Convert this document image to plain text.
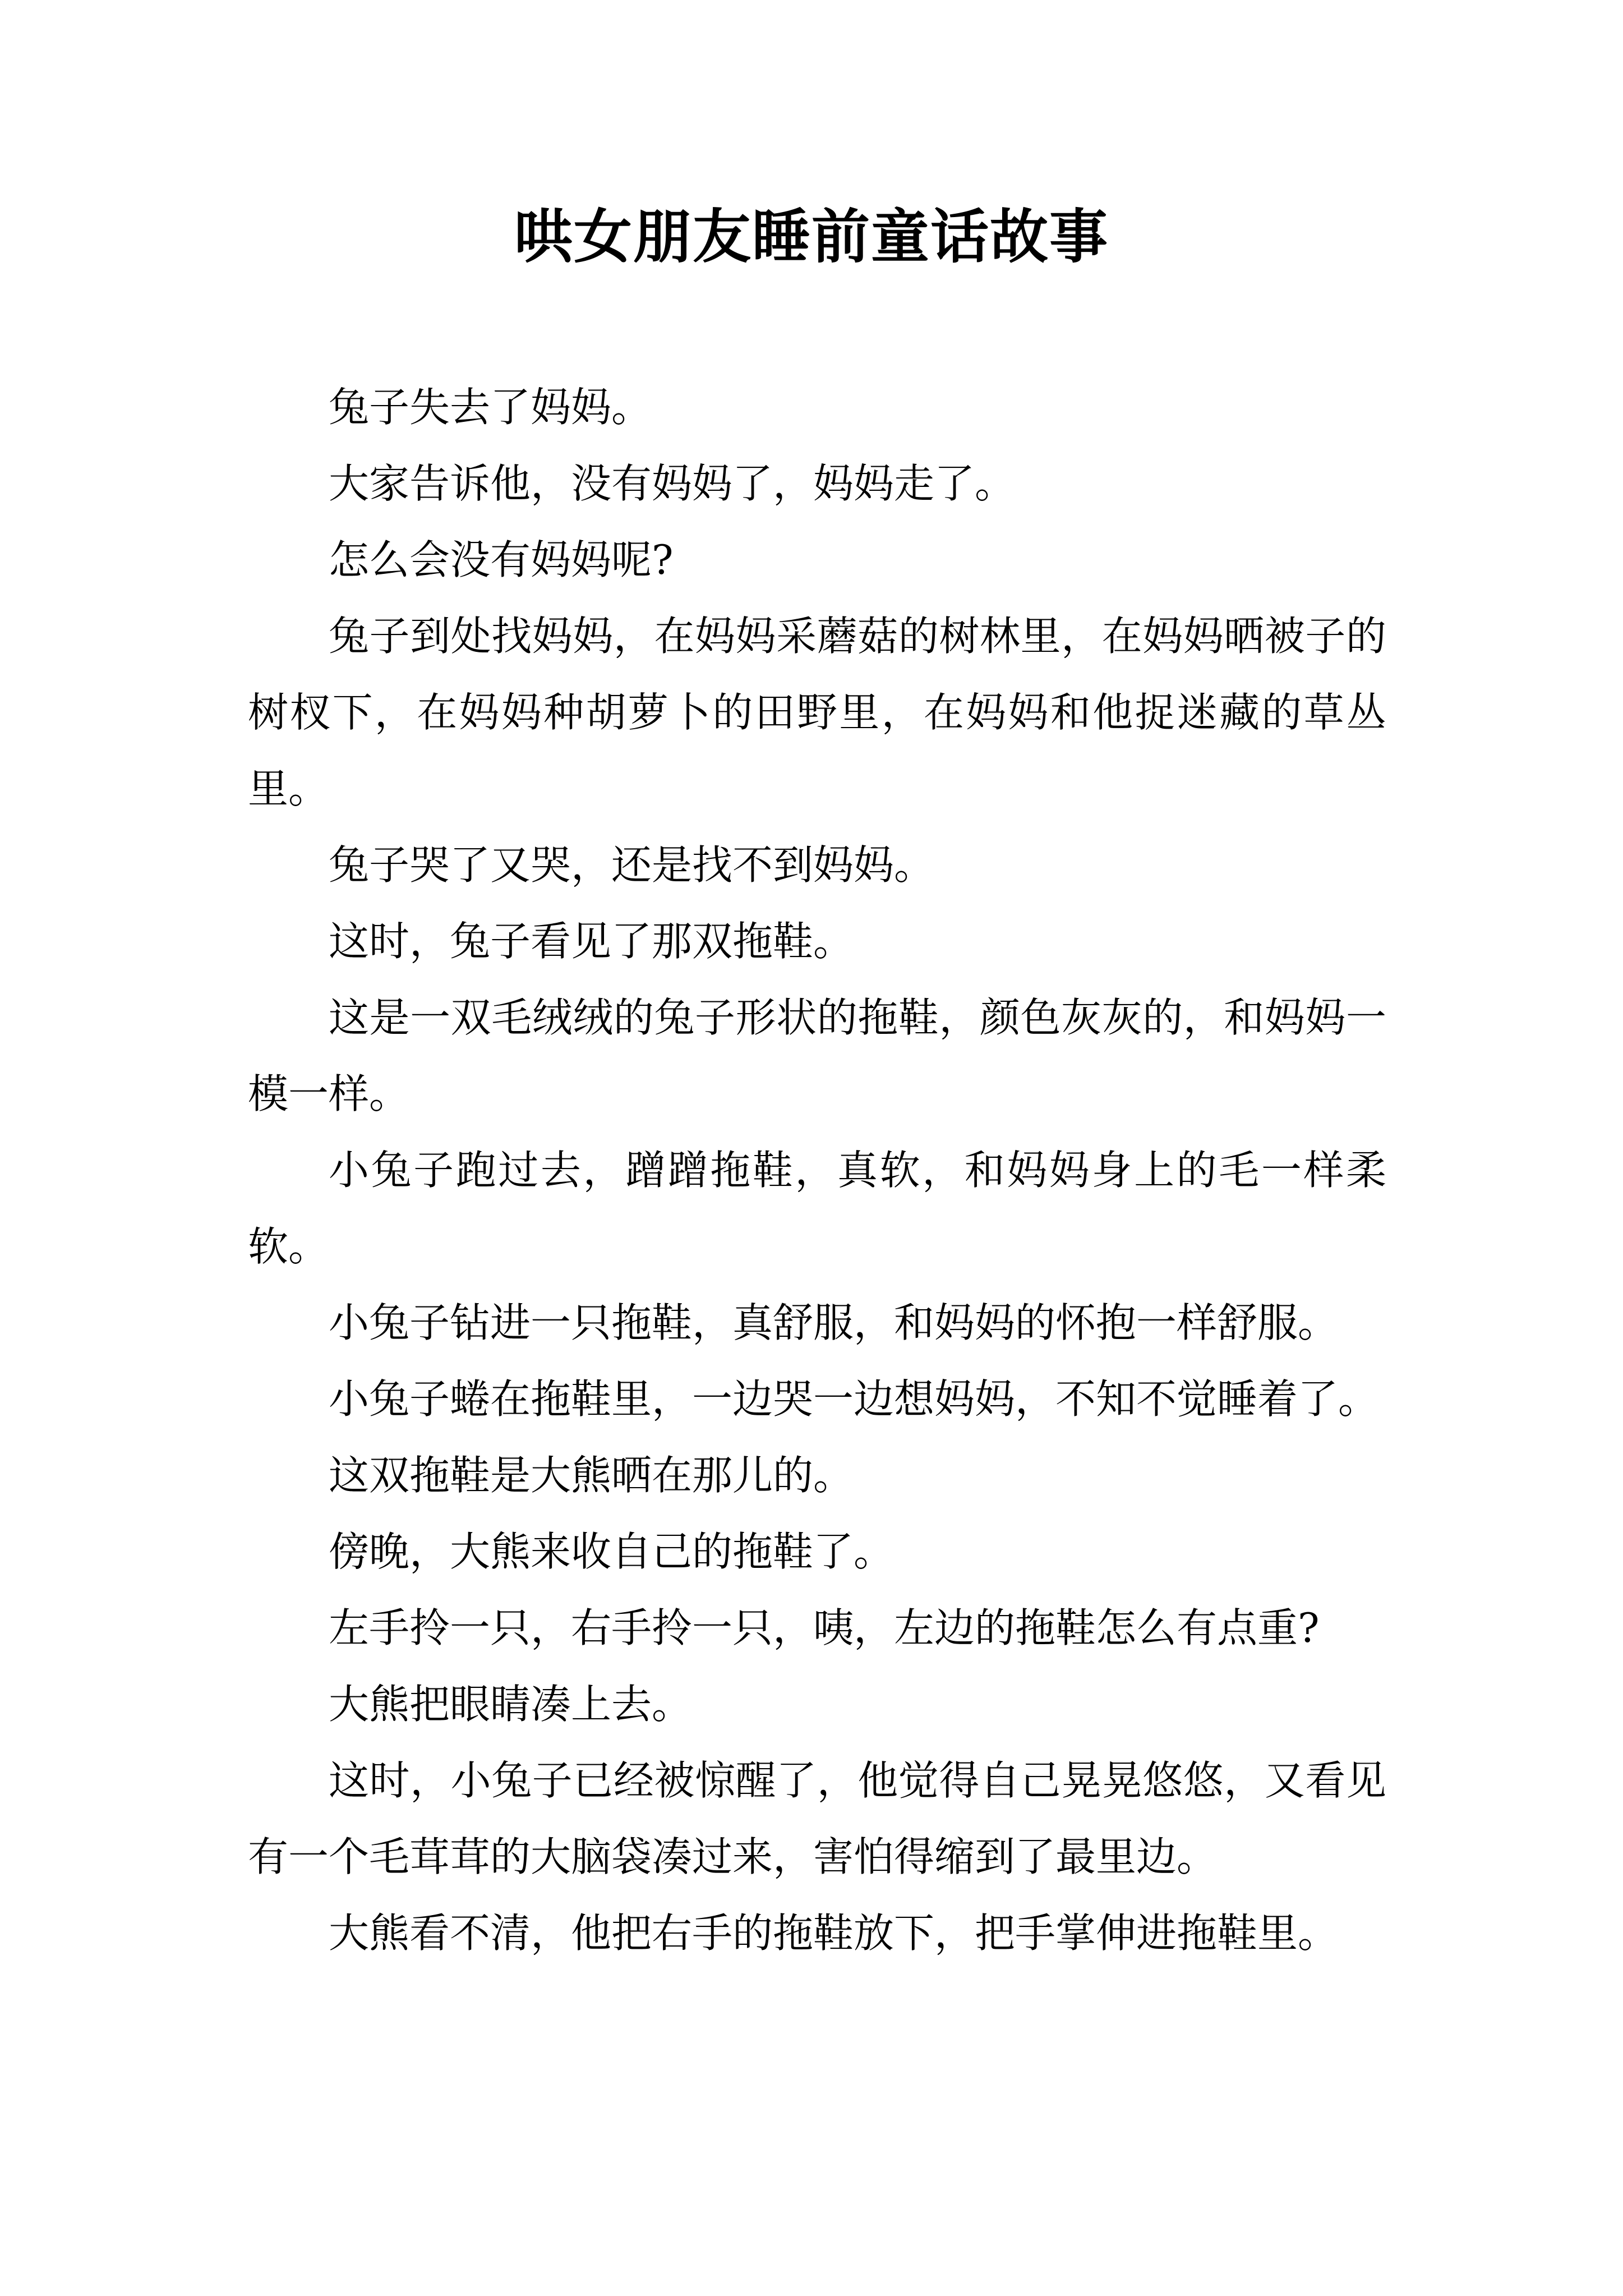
哄女朋友睡前童话故事

兔子失去了妈妈。

大家告诉他，没有妈妈了，妈妈走了。

怎么会没有妈妈呢?

兔子到处找妈妈，在妈妈采蘑菇的树林里，在妈妈晒被子的树杈下，在妈妈种胡萝卜的田野里，在妈妈和他捉迷藏的草丛里。

兔子哭了又哭，还是找不到妈妈。

这时，兔子看见了那双拖鞋。

这是一双毛绒绒的兔子形状的拖鞋，颜色灰灰的，和妈妈一模一样。

小兔子跑过去，蹭蹭拖鞋，真软，和妈妈身上的毛一样柔软。

小兔子钻进一只拖鞋，真舒服，和妈妈的怀抱一样舒服。

小兔子蜷在拖鞋里，一边哭一边想妈妈，不知不觉睡着了。

这双拖鞋是大熊晒在那儿的。

傍晚，大熊来收自己的拖鞋了。

左手拎一只，右手拎一只，咦，左边的拖鞋怎么有点重?

大熊把眼睛凑上去。

这时，小兔子已经被惊醒了，他觉得自己晃晃悠悠，又看见有一个毛茸茸的大脑袋凑过来，害怕得缩到了最里边。

大熊看不清，他把右手的拖鞋放下，把手掌伸进拖鞋里。
